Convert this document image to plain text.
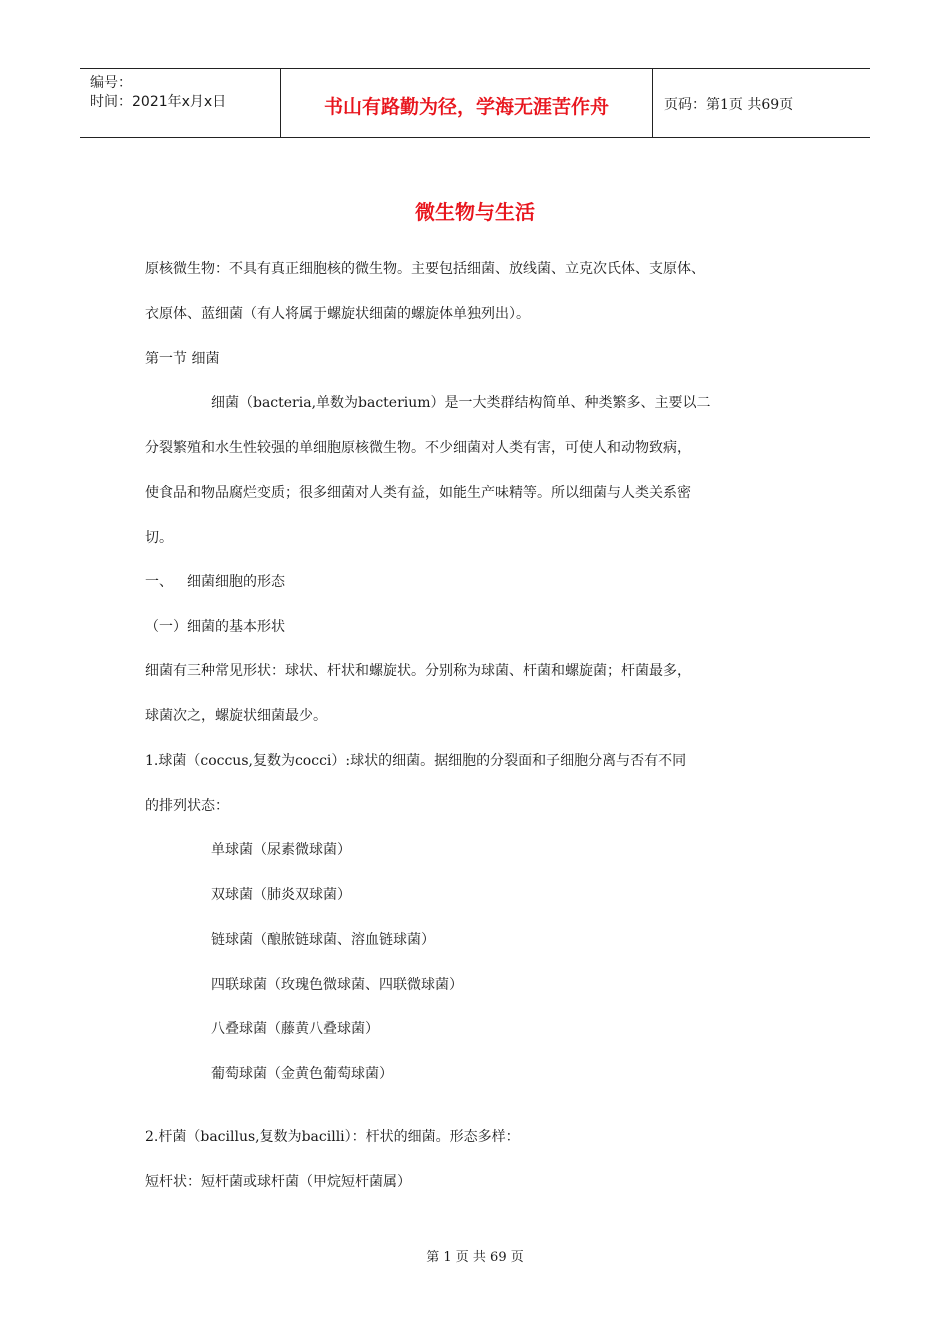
编号：
时间：2021年x月x日	书山有路勤为径，学海无涯苦作舟	页码：第1页 共69页
微生物与生活
原核微生物：不具有真正细胞核的微生物。主要包括细菌、放线菌、立克次氏体、支原体、
衣原体、蓝细菌（有人将属于螺旋状细菌的螺旋体单独列出）。
第一节 细菌
细菌（bacteria,单数为bacterium）是一大类群结构简单、种类繁多、主要以二
分裂繁殖和水生性较强的单细胞原核微生物。不少细菌对人类有害，可使人和动物致病，
使食品和物品腐烂变质；很多细菌对人类有益，如能生产味精等。所以细菌与人类关系密
切。
一、 细菌细胞的形态
（一）细菌的基本形状
细菌有三种常见形状：球状、杆状和螺旋状。分别称为球菌、杆菌和螺旋菌；杆菌最多，
球菌次之，螺旋状细菌最少。
1.球菌（coccus,复数为cocci）:球状的细菌。据细胞的分裂面和子细胞分离与否有不同
的排列状态：
单球菌（尿素微球菌）
双球菌（肺炎双球菌）
链球菌（酿脓链球菌、溶血链球菌）
四联球菌（玫瑰色微球菌、四联微球菌）
八叠球菌（藤黄八叠球菌）
葡萄球菌（金黄色葡萄球菌）
2.杆菌（bacillus,复数为bacilli）：杆状的细菌。形态多样：
短杆状：短杆菌或球杆菌（甲烷短杆菌属）
第 1 页 共 69 页
